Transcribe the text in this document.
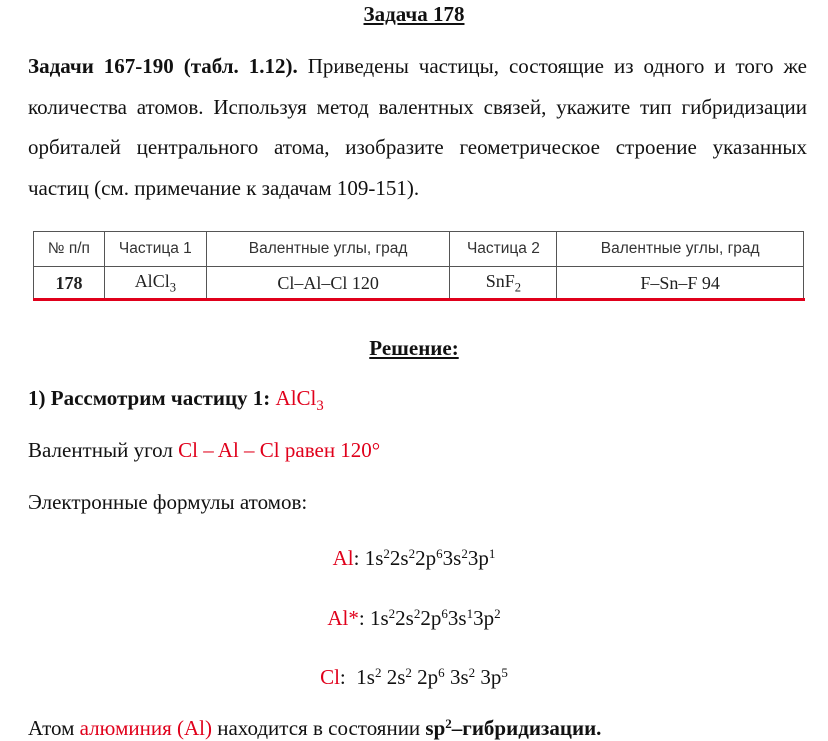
Задача 178
Задачи 167-190 (табл. 1.12). Приведены частицы, состоящие из одного и того же количества атомов. Используя метод валентных связей, укажите тип гибридизации орбиталей центрального атома, изобразите геометрическое строение указанных частиц (см. примечание к задачам 109-151).
№ п/п	Частица 1	Валентные углы, град	Частица 2	Валентные углы, град
178	AlCl$_3$	Cl–Al–Cl 120	SnF$_2$	F–Sn–F 94
Решение:
1) Рассмотрим частицу 1: AlCl$_3$
Валентный угол Cl – Al – Cl равен 120°
Электронные формулы атомов:
Al: $1s^22s^22p^63s^23p^1$
Al*: $1s^22s^22p^63s^13p^2$
Cl: $1s^2$ $2s^2$ $2p^6$ $3s^2$ $3p^5$
Атом алюминия (Al) находится в состоянии $sp^2$–гибридизации.
